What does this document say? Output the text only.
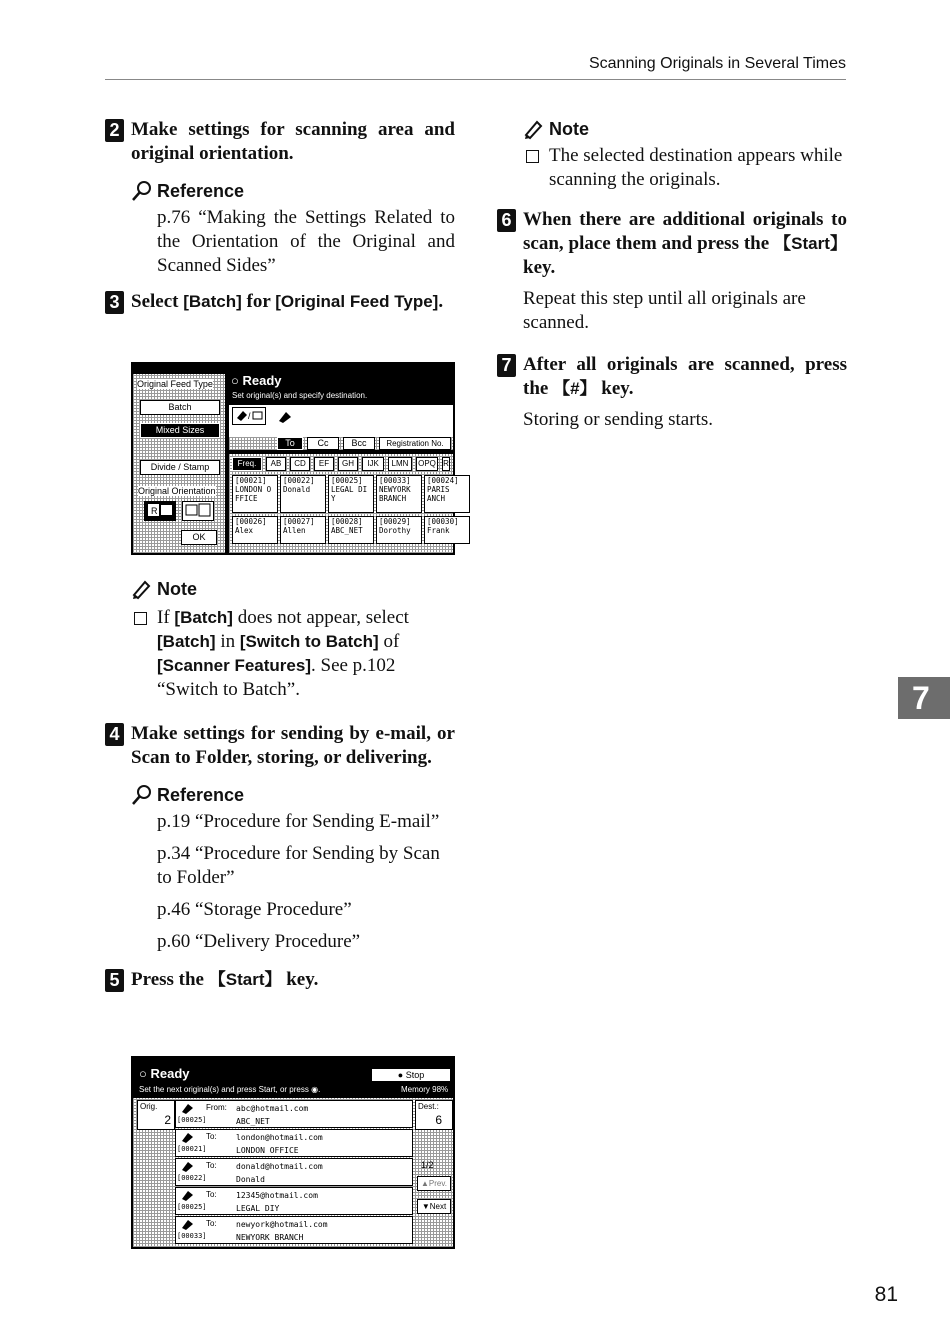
Scanning Originals in Several Times
2 Make settings for scanning area and original orientation.
Reference

p.76 “Making the Settings Related to the Orientation of the Original and Scanned Sides”

3 Select [Batch] for [Original Feed Type].
Original Feed Type
Batch
Mixed Sizes
Divide / Stamp
Original Orientation
R
OK
○ Ready
Set original(s) and specify destination.
/
To	Cc	Bcc	Registration No.
Freq.	AB	CD	EF	GH	IJK	LMN	OPQ R
[00021]
LONDON O
FFICE
[00022]
Donald
[00025]
LEGAL DI
Y
[00033]
NEWYORK
BRANCH
[00024]
PARIS
ANCH
[00026]
Alex
[00027]
Allen
[00028]
ABC_NET
[00029]
Dorothy
[00030]
Frank
Note
If [Batch] does not appear, select [Batch] in [Switch to Batch] of [Scanner Features]. See p.102 “Switch to Batch”.
4 Make settings for sending by e-mail, or Scan to Folder, storing, or delivering.
Reference

p.19 “Procedure for Sending E-mail”

p.34 “Procedure for Sending by Scan to Folder”

p.46 “Storage Procedure”

p.60 “Delivery Procedure”

5 Press the 【Start】 key.
○ Ready	● Stop
Set the next original(s) and press Start, or press ◉.	Memory 98%
Orig.
2
Dest.:
6
1/2
▲Prev.
▼Next
From:
[00025]
abc@hotmail.com
ABC_NET
To:
[00021]
london@hotmail.com
LONDON OFFICE
To:
[00022]
donald@hotmail.com
Donald
To:
[00025]
12345@hotmail.com
LEGAL DIY
To:
[00033]
newyork@hotmail.com
NEWYORK BRANCH
Note
The selected destination appears while scanning the originals.
6 When there are additional originals to scan, place them and press the 【Start】 key.
Repeat this step until all originals are scanned.
7 After all originals are scanned, press the 【#】 key.
Storing or sending starts.
7
81
